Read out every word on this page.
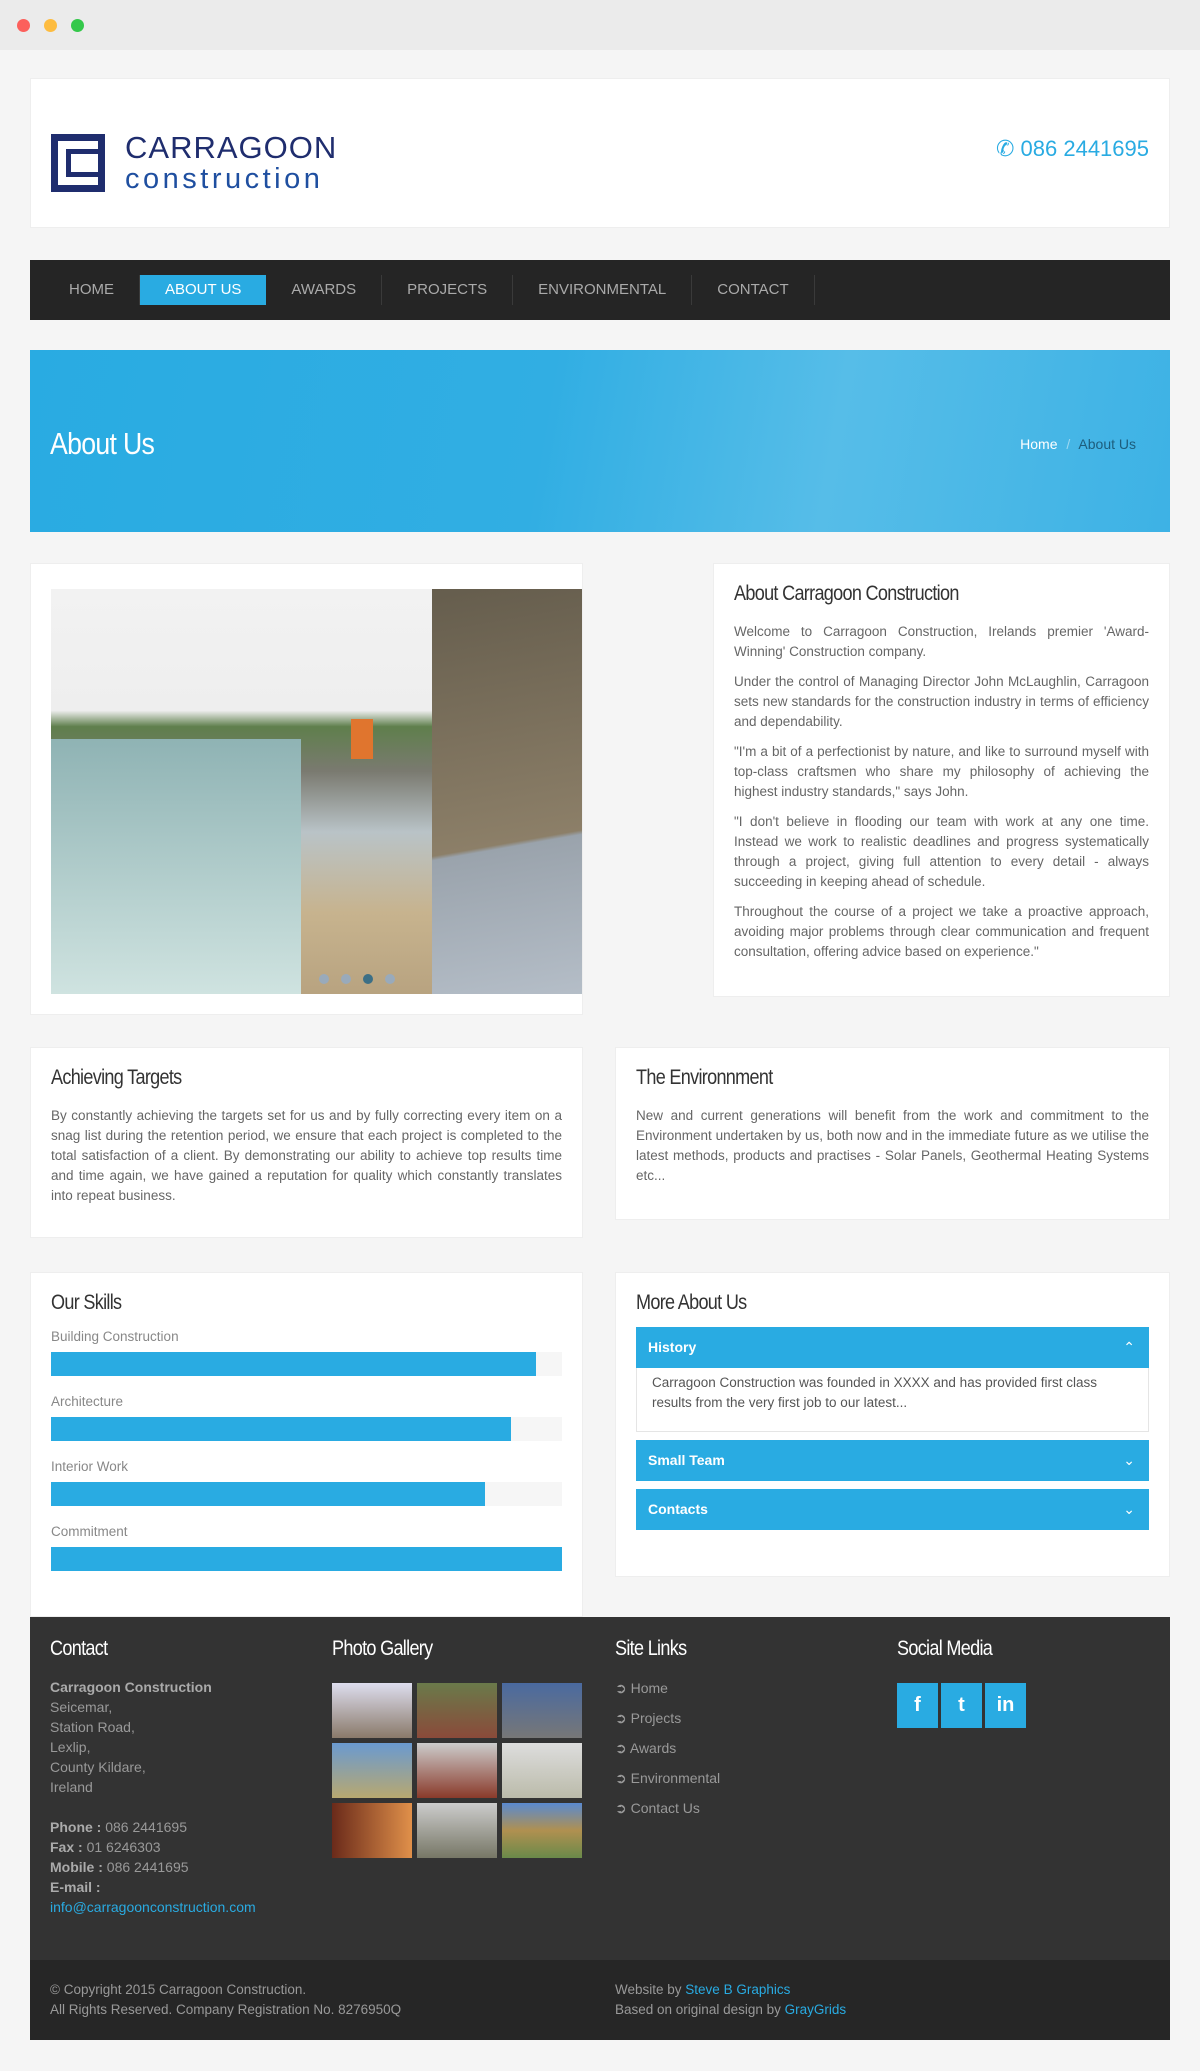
CARRAGOON
construction
✆ 086 2441695
HOME	ABOUT US	AWARDS	PROJECTS	ENVIRONMENTAL	CONTACT
About Us	Home / About Us
About Carragoon Construction

Welcome to Carragoon Construction, Irelands premier 'Award-Winning' Construction company.

Under the control of Managing Director John McLaughlin, Carragoon sets new standards for the construction industry in terms of efficiency and dependability.

"I'm a bit of a perfectionist by nature, and like to surround myself with top-class craftsmen who share my philosophy of achieving the highest industry standards," says John.

"I don't believe in flooding our team with work at any one time. Instead we work to realistic deadlines and progress systematically through a project, giving full attention to every detail - always succeeding in keeping ahead of schedule.

Throughout the course of a project we take a proactive approach, avoiding major problems through clear communication and frequent consultation, offering advice based on experience."

Achieving Targets

By constantly achieving the targets set for us and by fully correcting every item on a snag list during the retention period, we ensure that each project is completed to the total satisfaction of a client. By demonstrating our ability to achieve top results time and time again, we have gained a reputation for quality which constantly translates into repeat business.

The Environnment

New and current generations will benefit from the work and commitment to the Environment undertaken by us, both now and in the immediate future as we utilise the latest methods, products and practises - Solar Panels, Geothermal Heating Systems etc...

Our Skills
Building Construction
Architecture
Interior Work
Commitment
More About Us
History	⌃
Carragoon Construction was founded in XXXX and has provided first class results from the very first job to our latest...
Small Team	⌄
Contacts	⌄
Contact
Carragoon Construction
Seicemar,
Station Road,
Lexlip,
County Kildare,
Ireland
Phone : 086 2441695
Fax : 01 6246303
Mobile : 086 2441695
E-mail :
info@carragoonconstruction.com
Photo Gallery	Site Links
➲ Home
➲ Projects
➲ Awards
➲ Environmental
➲ Contact Us
Social Media
f t in
© Copyright 2015 Carragoon Construction.
All Rights Reserved. Company Registration No. 8276950Q
Website by Steve B Graphics
Based on original design by GrayGrids
